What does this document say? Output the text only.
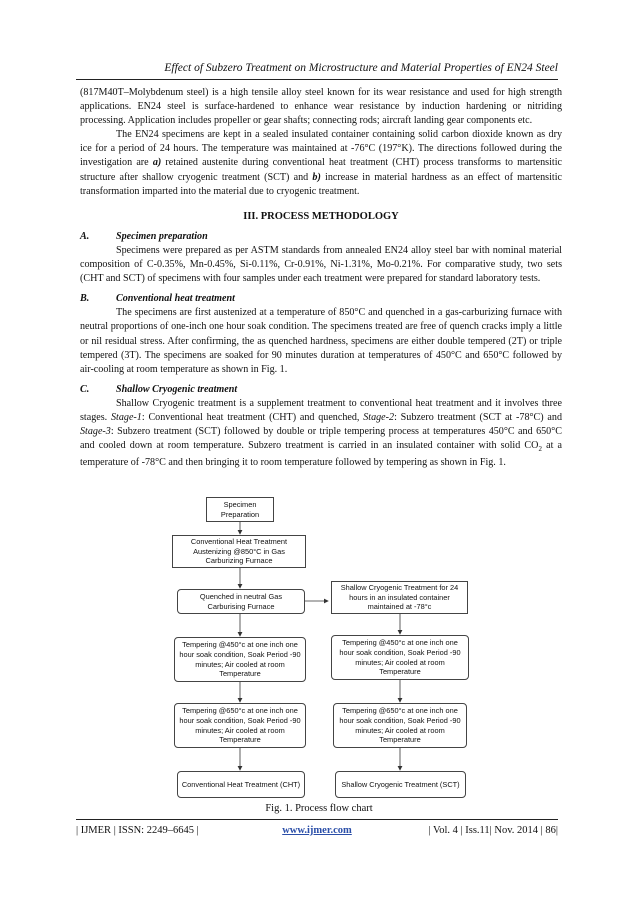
Effect of Subzero Treatment on Microstructure and Material Properties of EN24 Steel

(817M40T–Molybdenum steel) is a high tensile alloy steel known for its wear resistance and used for high strength applications. EN24 steel is surface-hardened to enhance wear resistance by induction hardening or nitriding processing. Application includes propeller or gear shafts; connecting rods; aircraft landing gear components etc.

The EN24 specimens are kept in a sealed insulated container containing solid carbon dioxide known as dry ice for a period of 24 hours. The temperature was maintained at -76°C (197°K). The directions followed during the investigation are a) retained austenite during conventional heat treatment (CHT) process transforms to martensitic structure after shallow cryogenic treatment (SCT) and b) increase in material hardness as an effect of martensitic transformation imparted into the material due to cryogenic treatment.

III. PROCESS METHODOLOGY

A.	Specimen preparation

Specimens were prepared as per ASTM standards from annealed EN24 alloy steel bar with nominal material composition of C-0.35%, Mn-0.45%, Si-0.11%, Cr-0.91%, Ni-1.31%, Mo-0.21%. For comparative study, two sets (CHT and SCT) of specimens with four samples under each treatment were prepared for standard laboratory tests.

B.	Conventional heat treatment

The specimens are first austenized at a temperature of 850°C and quenched in a gas-carburizing furnace with neutral proportions of one-inch one hour soak condition. The specimens treated are free of quench cracks imply a little or nil residual stress. After confirming, the as quenched hardness, specimens are either double tempered (2T) or triple tempered (3T). The specimens are soaked for 90 minutes duration at temperatures of 450°C and 650°C followed by air-cooling at room temperature as shown in Fig. 1.

C.	Shallow Cryogenic treatment

Shallow Cryogenic treatment is a supplement treatment to conventional heat treatment and it involves three stages. Stage-1: Conventional heat treatment (CHT) and quenched, Stage-2: Subzero treatment (SCT at -78°C) and Stage-3: Subzero treatment (SCT) followed by double or triple tempering process at temperatures 450°C and 650°C and cooled down at room temperature. Subzero treatment is carried in an insulated container with solid $CO_2$ at a temperature of -78°C and then bringing it to room temperature followed by tempering as shown in Fig. 1.

Specimen Preparation
Conventional Heat Treatment Austenizing @850°C in Gas Carburizing Furnace
Quenched in neutral Gas Carburising Furnace
Shallow Cryogenic Treatment for 24 hours in an insulated container maintained at -78°c
Tempering @450°c at one inch one hour soak condition, Soak Period -90 minutes; Air cooled at room Temperature
Tempering @450°c at one inch one hour soak condition, Soak Period -90 minutes; Air cooled at room Temperature
Tempering @650°c at one inch one hour soak condition, Soak Period -90 minutes; Air cooled at room Temperature
Tempering @650°c at one inch one hour soak condition, Soak Period -90 minutes; Air cooled at room Temperature
Conventional Heat Treatment (CHT)	Shallow Cryogenic Treatment (SCT)
Fig. 1. Process flow chart
| IJMER | ISSN: 2249–6645 |	www.ijmer.com	| Vol. 4 | Iss.11| Nov. 2014 | 86|
